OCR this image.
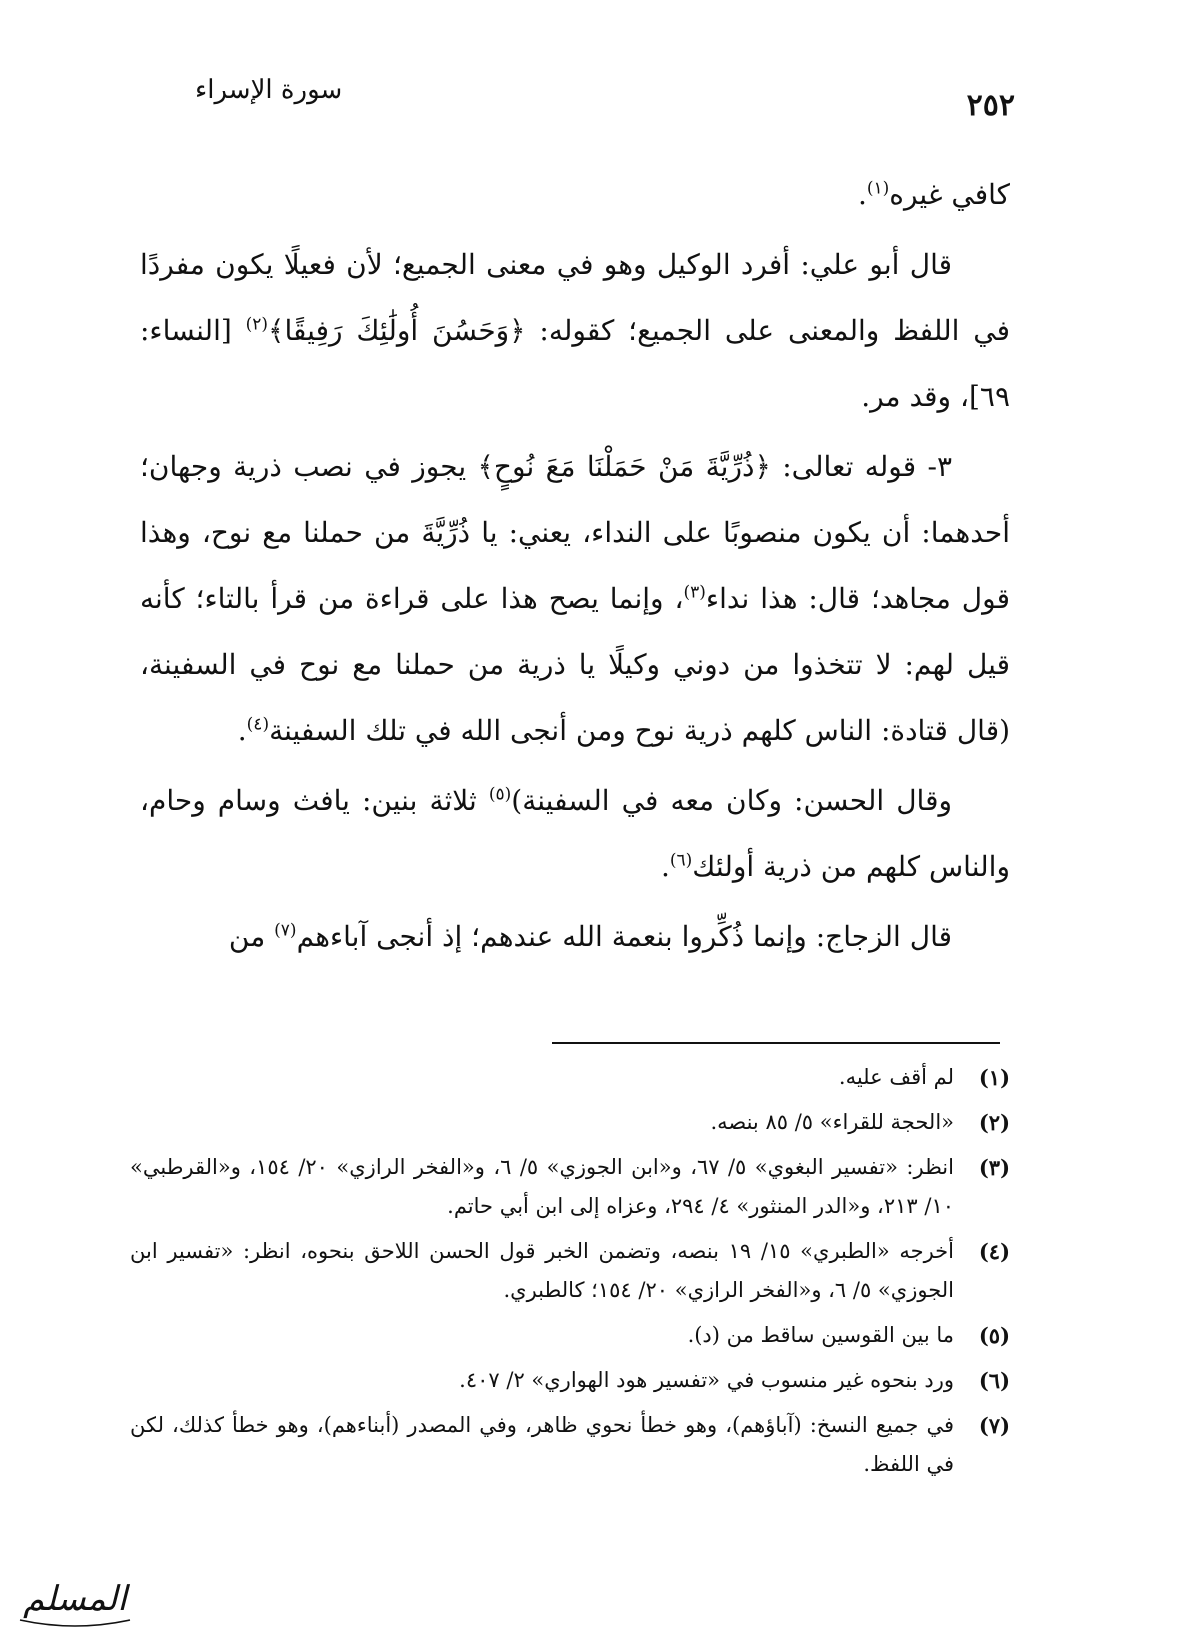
٢٥٢
سورة الإسراء

كافي غيره$^{(١)}$.

قال أبو علي: أفرد الوكيل وهو في معنى الجميع؛ لأن فعيلًا يكون مفردًا في اللفظ والمعنى على الجميع؛ كقوله: ﴿وَحَسُنَ أُولَٰئِكَ رَفِيقًا﴾$^{(٢)}$ [النساء: ٦٩]، وقد مر.

٣- قوله تعالى: ﴿ذُرِّيَّةَ مَنْ حَمَلْنَا مَعَ نُوحٍ﴾ يجوز في نصب ذرية وجهان؛ أحدهما: أن يكون منصوبًا على النداء، يعني: يا ذُرِّيَّةَ من حملنا مع نوح، وهذا قول مجاهد؛ قال: هذا نداء$^{(٣)}$، وإنما يصح هذا على قراءة من قرأ بالتاء؛ كأنه قيل لهم: لا تتخذوا من دوني وكيلًا يا ذرية من حملنا مع نوح في السفينة، (قال قتادة: الناس كلهم ذرية نوح ومن أنجى الله في تلك السفينة$^{(٤)}$.

وقال الحسن: وكان معه في السفينة)$^{(٥)}$ ثلاثة بنين: يافث وسام وحام، والناس كلهم من ذرية أولئك$^{(٦)}$.

قال الزجاج: وإنما ذُكِّروا بنعمة الله عندهم؛ إذ أنجى آباءهم$^{(٧)}$ من

(١)
لم أقف عليه.
(٢)
«الحجة للقراء» ٥/ ٨٥ بنصه.
(٣)
انظر: «تفسير البغوي» ٥/ ٦٧، و«ابن الجوزي» ٥/ ٦، و«الفخر الرازي» ٢٠/ ١٥٤، و«القرطبي» ١٠/ ٢١٣، و«الدر المنثور» ٤/ ٢٩٤، وعزاه إلى ابن أبي حاتم.
(٤)
أخرجه «الطبري» ١٥/ ١٩ بنصه، وتضمن الخبر قول الحسن اللاحق بنحوه، انظر: «تفسير ابن الجوزي» ٥/ ٦، و«الفخر الرازي» ٢٠/ ١٥٤؛ كالطبري.
(٥)
ما بين القوسين ساقط من (د).
(٦)
ورد بنحوه غير منسوب في «تفسير هود الهواري» ٢/ ٤٠٧.
(٧)
في جميع النسخ: (آباؤهم)، وهو خطأ نحوي ظاهر، وفي المصدر (أبناءهم)، وهو خطأ كذلك، لكن في اللفظ.
المسلم
